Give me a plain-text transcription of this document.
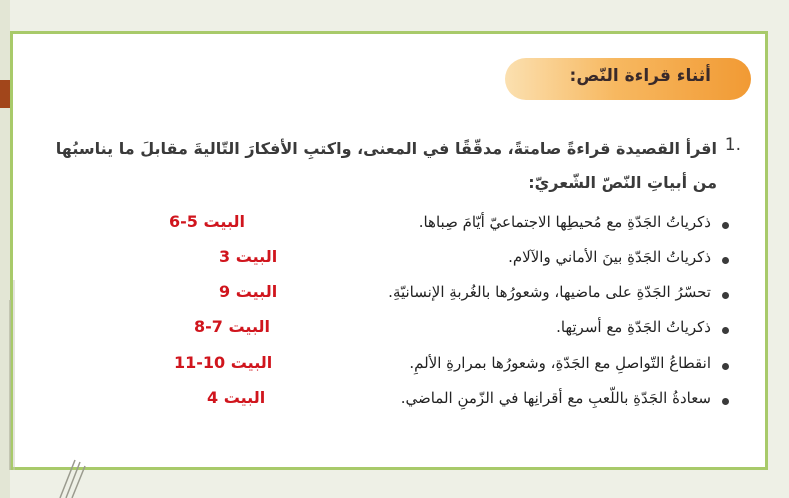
أثناء قراءة النّص:
1.
اقرأ القصيدة قراءةً صامتةً، مدقّقًا في المعنى، واكتبِ الأفكارَ التّاليةَ مقابلَ ما يناسبُها من أبياتِ النّصّ الشّعريّ:
ذكرياتُ الجَدّةِ مع مُحيطِها الاجتماعيّ أيّامَ صِباها.
البيت 5-6
ذكرياتُ الجَدّةِ بينَ الأماني والآلام.
البيت 3
تحسّرُ الجَدّةِ على ماضيها، وشعورُها بالغُربةِ الإنسانيّةِ.
البيت 9
ذكرياتُ الجَدّةِ مع أسرتِها.
البيت 7-8
انقطاعُ التّواصلِ مع الجَدّةِ، وشعورُها بمرارةِ الألمِ.
البيت 10-11
سعادةُ الجَدّةِ باللّعبِ مع أقرانِها في الزّمنِ الماضي.
البيت 4
